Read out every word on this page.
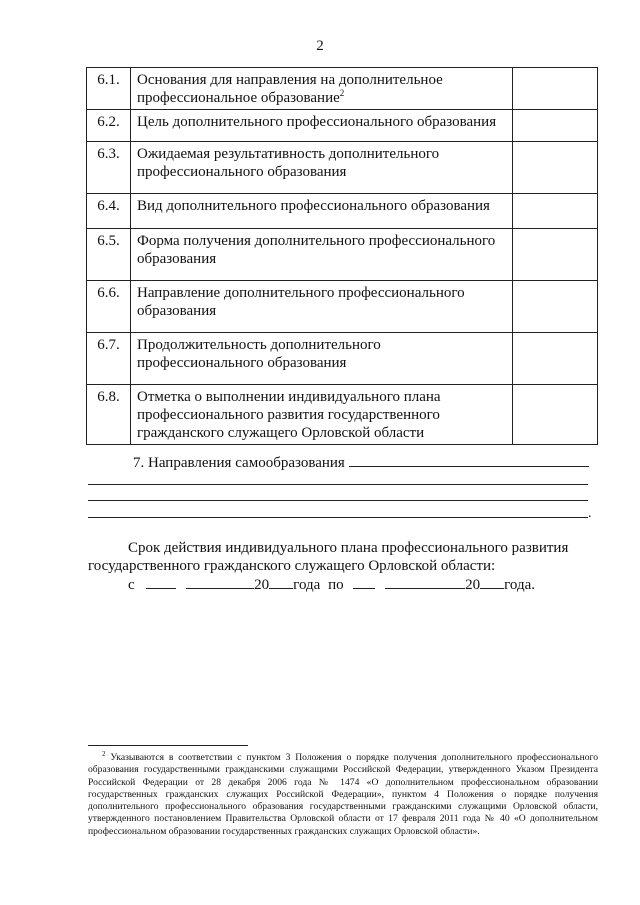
2
6.1.	Основания для направления на дополнительное профессиональное образование$^2$	
6.2.	Цель дополнительного профессионального образования	
6.3.	Ожидаемая результативность дополнительного профессионального образования	
6.4.	Вид дополнительного профессионального образования	
6.5.	Форма получения дополнительного профессионального образования	
6.6.	Направление дополнительного профессионального образования	
6.7.	Продолжительность дополнительного профессионального образования	
6.8.	Отметка о выполнении индивидуального плана профессионального развития государственного гражданского служащего Орловской области	
7. Направления самообразования
.
Срок действия индивидуального плана профессионального развития
государственного гражданского служащего Орловской области:
с	20 года по	20 года.
$^2$ Указываются в соответствии с пунктом 3 Положения о порядке получения дополнительного профессионального образования государственными гражданскими служащими Российской Федерации, утвержденного Указом Президента Российской Федерации от 28 декабря 2006 года № 1474 «О дополнительном профессиональном образовании государственных гражданских служащих Российской Федерации», пунктом 4 Положения о порядке получения дополнительного профессионального образования государственными гражданскими служащими Орловской области, утвержденного постановлением Правительства Орловской области от 17 февраля 2011 года № 40 «О дополнительном профессиональном образовании государственных гражданских служащих Орловской области».
